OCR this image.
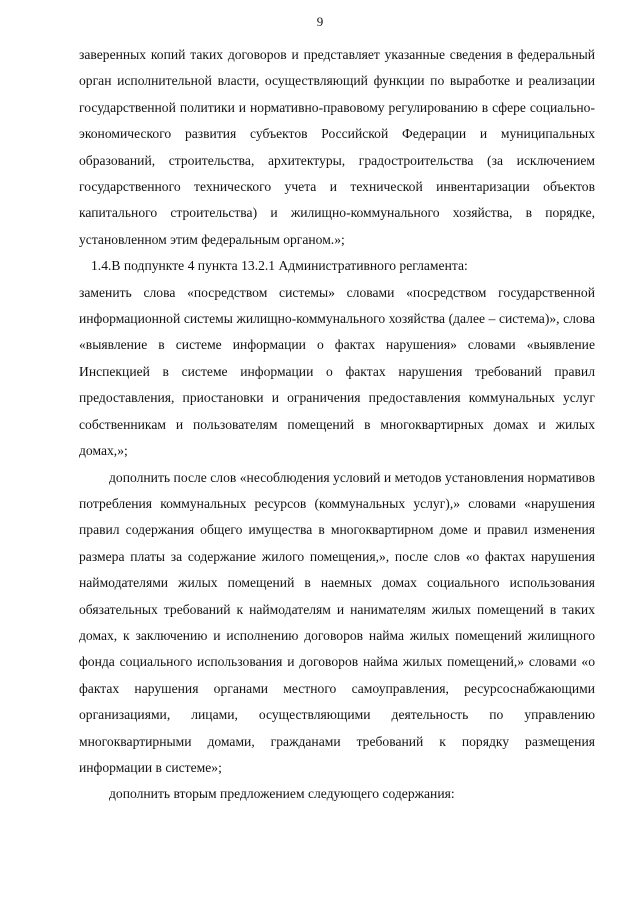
9

заверенных копий таких договоров и представляет указанные сведения в федеральный орган исполнительной власти, осуществляющий функции по выработке и реализации государственной политики и нормативно-правовому регулированию в сфере социально-экономического развития субъектов Российской Федерации и муниципальных образований, строительства, архитектуры, градостроительства (за исключением государственного технического учета и технической инвентаризации объектов капитального строительства) и жилищно-коммунального хозяйства, в порядке, установленном этим федеральным органом.»;

1.4.В подпункте 4 пункта 13.2.1 Административного регламента:

заменить слова «посредством системы» словами «посредством государственной информационной системы жилищно-коммунального хозяйства (далее – система)», слова «выявление в системе информации о фактах нарушения» словами «выявление Инспекцией в системе информации о фактах нарушения требований правил предоставления, приостановки и ограничения предоставления коммунальных услуг собственникам и пользователям помещений в многоквартирных домах и жилых домах,»;

дополнить после слов «несоблюдения условий и методов установления нормативов потребления коммунальных ресурсов (коммунальных услуг),» словами «нарушения правил содержания общего имущества в многоквартирном доме и правил изменения размера платы за содержание жилого помещения,», после слов «о фактах нарушения наймодателями жилых помещений в наемных домах социального использования обязательных требований к наймодателям и нанимателям жилых помещений в таких домах, к заключению и исполнению договоров найма жилых помещений жилищного фонда социального использования и договоров найма жилых помещений,» словами «о фактах нарушения органами местного самоуправления, ресурсоснабжающими организациями, лицами, осуществляющими деятельность по управлению многоквартирными домами, гражданами требований к порядку размещения информации в системе»;

дополнить вторым предложением следующего содержания:
